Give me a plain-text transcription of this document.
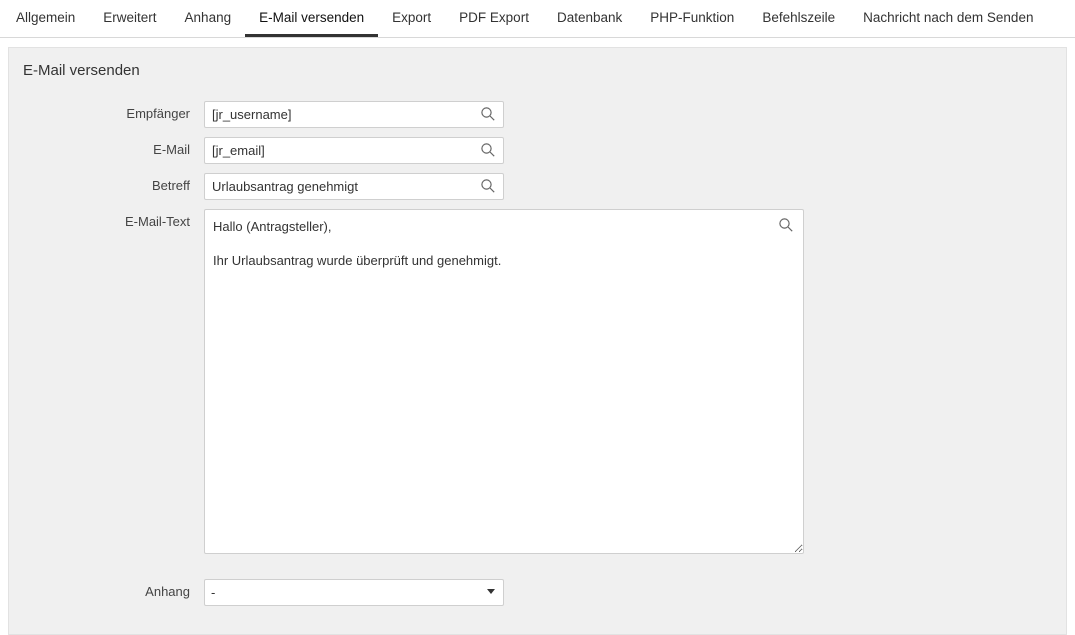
Allgemein Erweitert Anhang E-Mail versenden Export PDF Export Datenbank PHP-Funktion Befehlszeile Nachricht nach dem Senden
E-Mail versenden
Empfänger
[jr_username]
E-Mail
[jr_email]
Betreff
Urlaubsantrag genehmigt
E-Mail-Text
Hallo (Antragsteller), Ihr Urlaubsantrag wurde überprüft und genehmigt.
Anhang
-
